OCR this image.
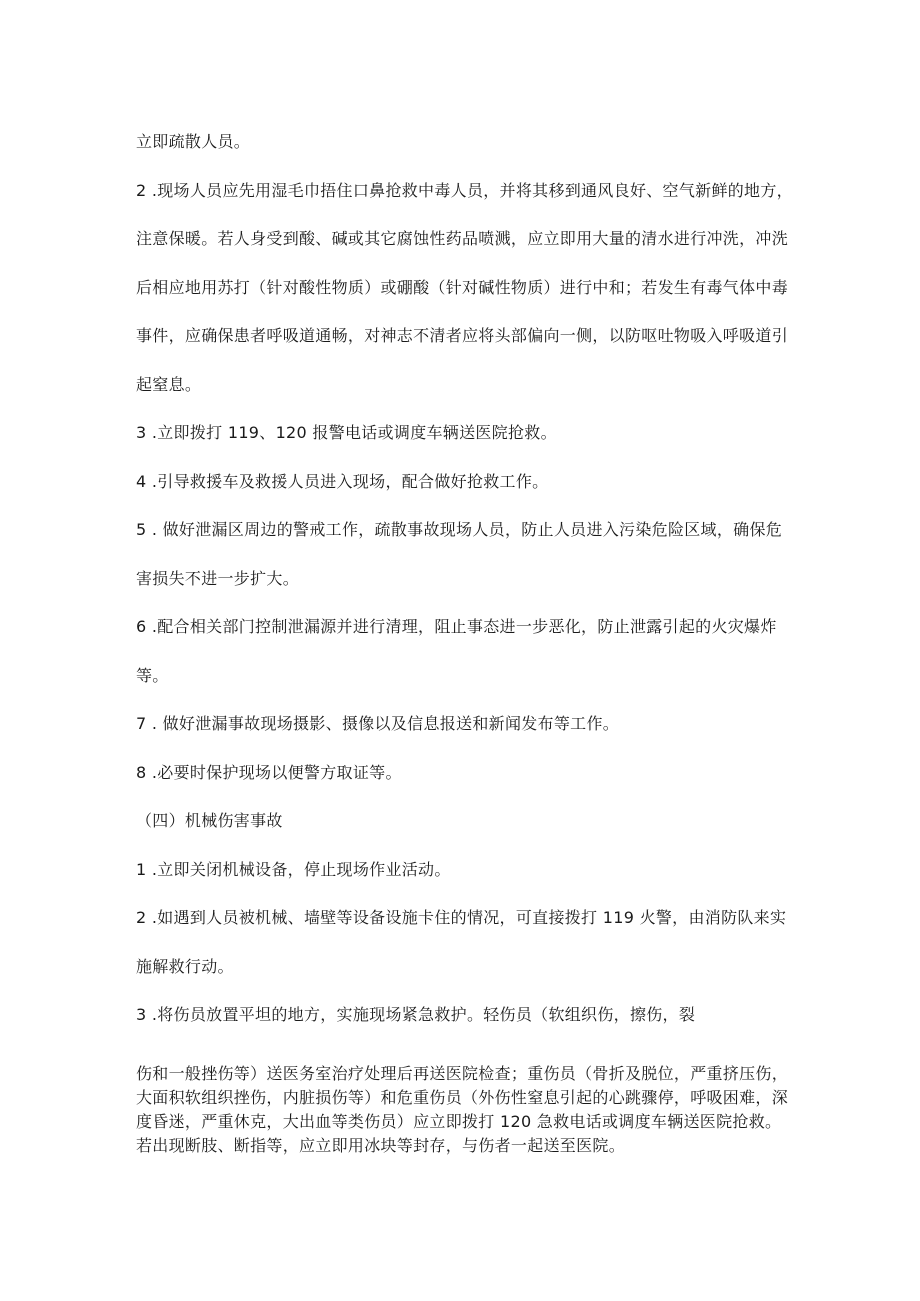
立即疏散人员。

2 .现场人员应先用湿毛巾捂住口鼻抢救中毒人员，并将其移到通风良好、空气新鲜的地方，注意保暖。若人身受到酸、碱或其它腐蚀性药品喷溅，应立即用大量的清水进行冲洗，冲洗后相应地用苏打（针对酸性物质）或硼酸（针对碱性物质）进行中和；若发生有毒气体中毒事件，应确保患者呼吸道通畅，对神志不清者应将头部偏向一侧，以防呕吐物吸入呼吸道引起窒息。

3 .立即拨打 119、120 报警电话或调度车辆送医院抢救。

4 .引导救援车及救援人员进入现场，配合做好抢救工作。

5 . 做好泄漏区周边的警戒工作，疏散事故现场人员，防止人员进入污染危险区域，确保危害损失不进一步扩大。

6 .配合相关部门控制泄漏源并进行清理，阻止事态进一步恶化，防止泄露引起的火灾爆炸等。

7 . 做好泄漏事故现场摄影、摄像以及信息报送和新闻发布等工作。

8 .必要时保护现场以便警方取证等。

（四）机械伤害事故

1 .立即关闭机械设备，停止现场作业活动。

2 .如遇到人员被机械、墙壁等设备设施卡住的情况，可直接拨打 119 火警，由消防队来实施解救行动。

3 .将伤员放置平坦的地方，实施现场紧急救护。轻伤员（软组织伤，擦伤，裂

伤和一般挫伤等）送医务室治疗处理后再送医院检查；重伤员（骨折及脱位，严重挤压伤，大面积软组织挫伤，内脏损伤等）和危重伤员（外伤性窒息引起的心跳骤停，呼吸困难，深度昏迷，严重休克，大出血等类伤员）应立即拨打 120 急救电话或调度车辆送医院抢救。若出现断肢、断指等，应立即用冰块等封存，与伤者一起送至医院。
